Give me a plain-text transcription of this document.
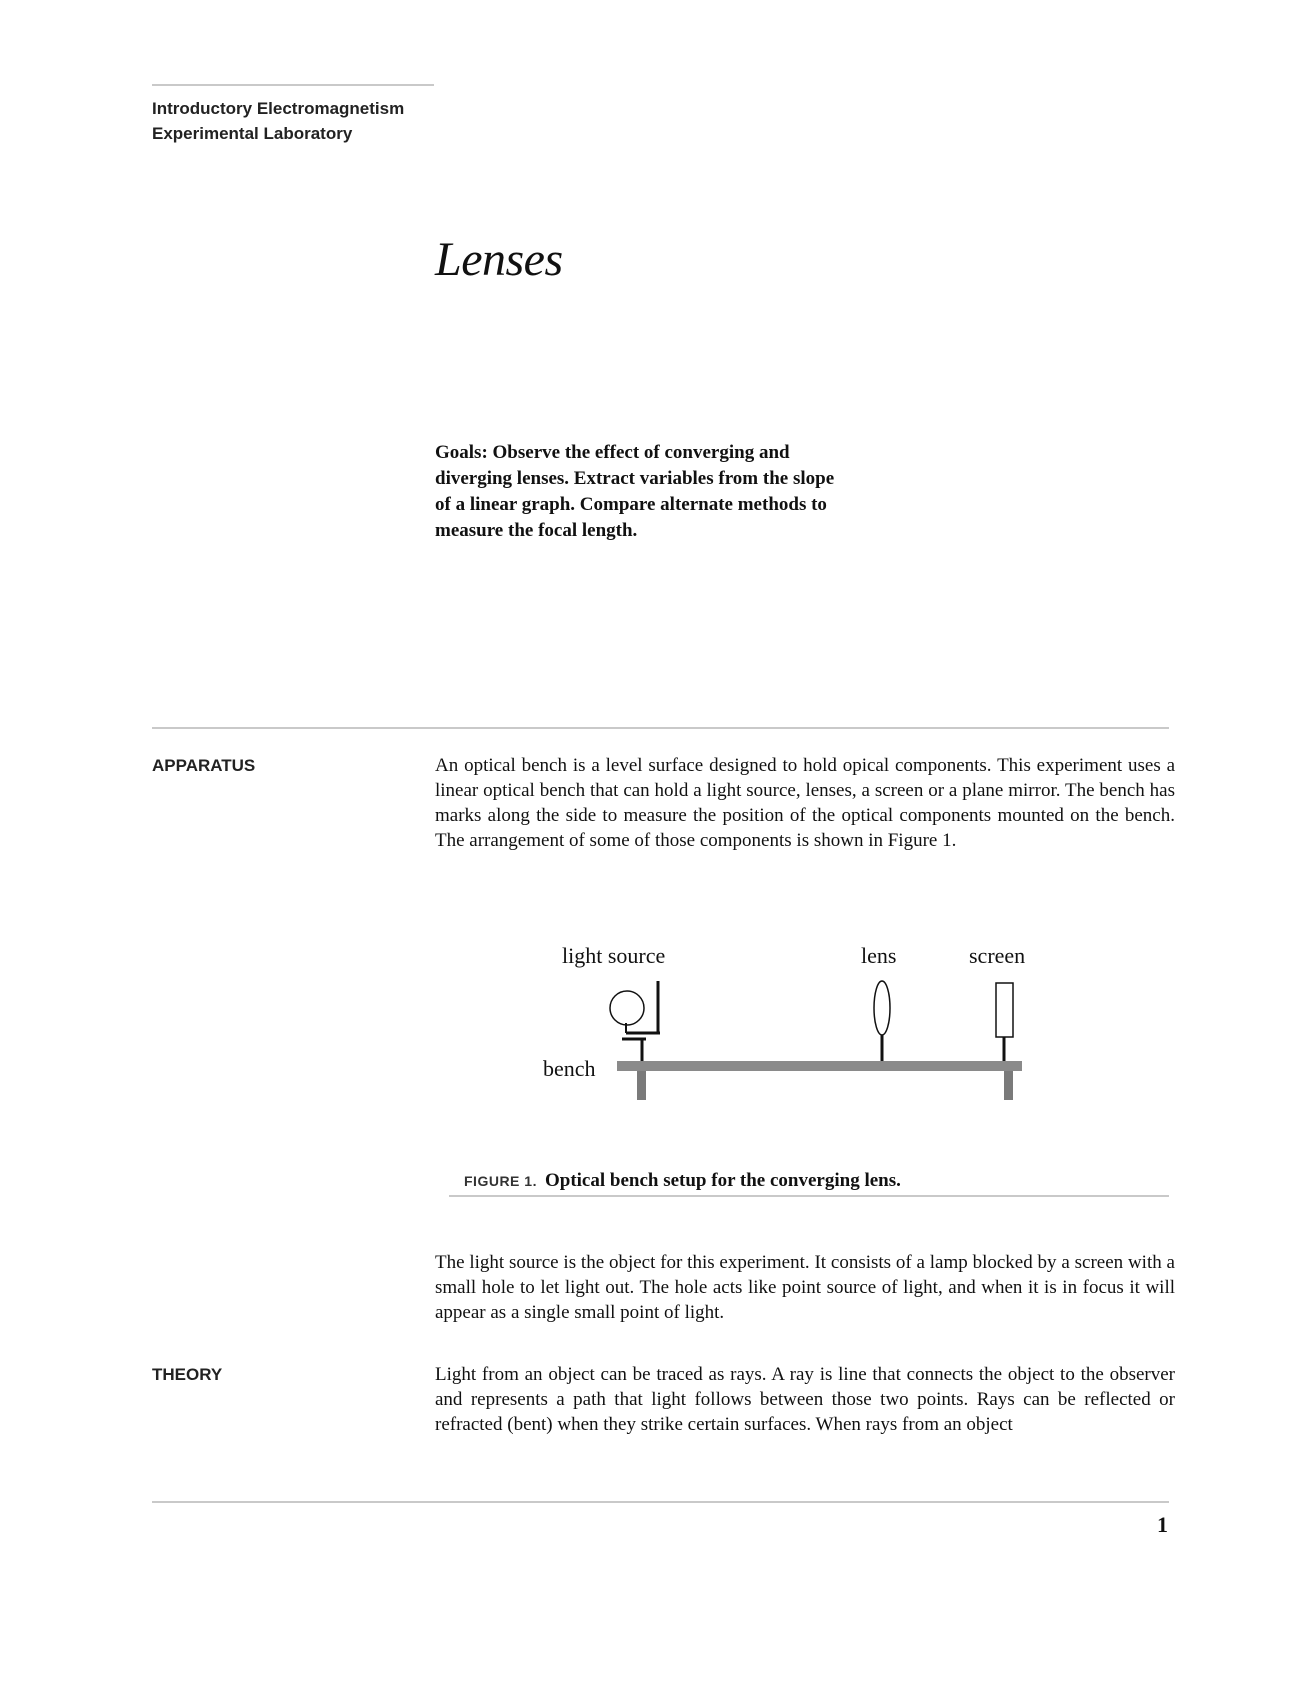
Introductory Electromagnetism
Experimental Laboratory
Lenses
Goals: Observe the effect of converging and diverging lenses. Extract variables from the slope of a linear graph. Compare alternate methods to measure the focal length.
APPARATUS	An optical bench is a level surface designed to hold opical components. This experiment uses a linear optical bench that can hold a light source, lenses, a screen or a plane mirror. The bench has marks along the side to measure the position of the optical components mounted on the bench. The arrangement of some of those components is shown in Figure 1.
light source	lens	screen
bench
FIGURE 1. Optical bench setup for the converging lens.
The light source is the object for this experiment. It consists of a lamp blocked by a screen with a small hole to let light out. The hole acts like point source of light, and when it is in focus it will appear as a single small point of light.
THEORY	Light from an object can be traced as rays. A ray is line that connects the object to the observer and represents a path that light follows between those two points. Rays can be reflected or refracted (bent) when they strike certain surfaces. When rays from an object
1
